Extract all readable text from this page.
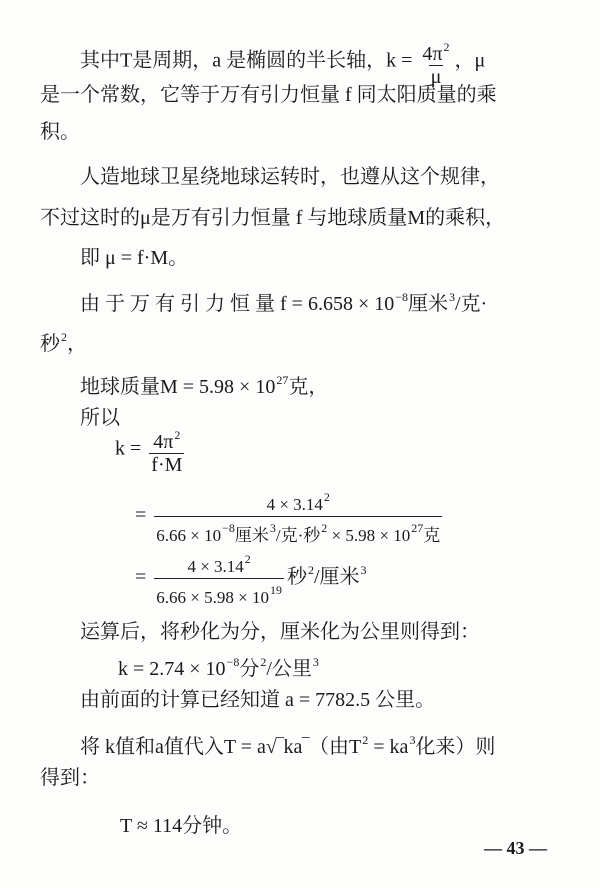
其中T是周期，a 是椭圆的半长轴，$k = \frac{4\pi^2}{\mu}$ ，μ
是一个常数，它等于万有引力恒量 f 同太阳质量的乘
积。
人造地球卫星绕地球运转时，也遵从这个规律，
不过这时的μ是万有引力恒量 f 与地球质量M的乘积，
即 μ = f·M。
由 于 万 有 引 力 恒 量 $f = 6.658 \times 10^{-8}$厘米$^3$/克·
秒$^2$，
地球质量$M = 5.98 \times 10^{27}$克，
所以
$k = \frac{4\pi^2}{f\cdot M}$
= $\frac{4 \times 3.14^2}{6.66 \times 10^{-8}厘米^3/克\cdot 秒^2 \times 5.98 \times 10^{27}克}$
= $\frac{4 \times 3.14^2}{6.66 \times 5.98 \times 10^{19}}$ 秒$^2$/厘米$^3$
运算后，将秒化为分，厘米化为公里则得到：
$k = 2.74 \times 10^{-8}$分$^2$/公里$^3$
由前面的计算已经知道 a = 7782.5 公里。
将 k值和a值代入T = a√‾ka‾（由$T^2 = ka^3$化来）则
得到：
T ≈ 114分钟。
— 43 —
